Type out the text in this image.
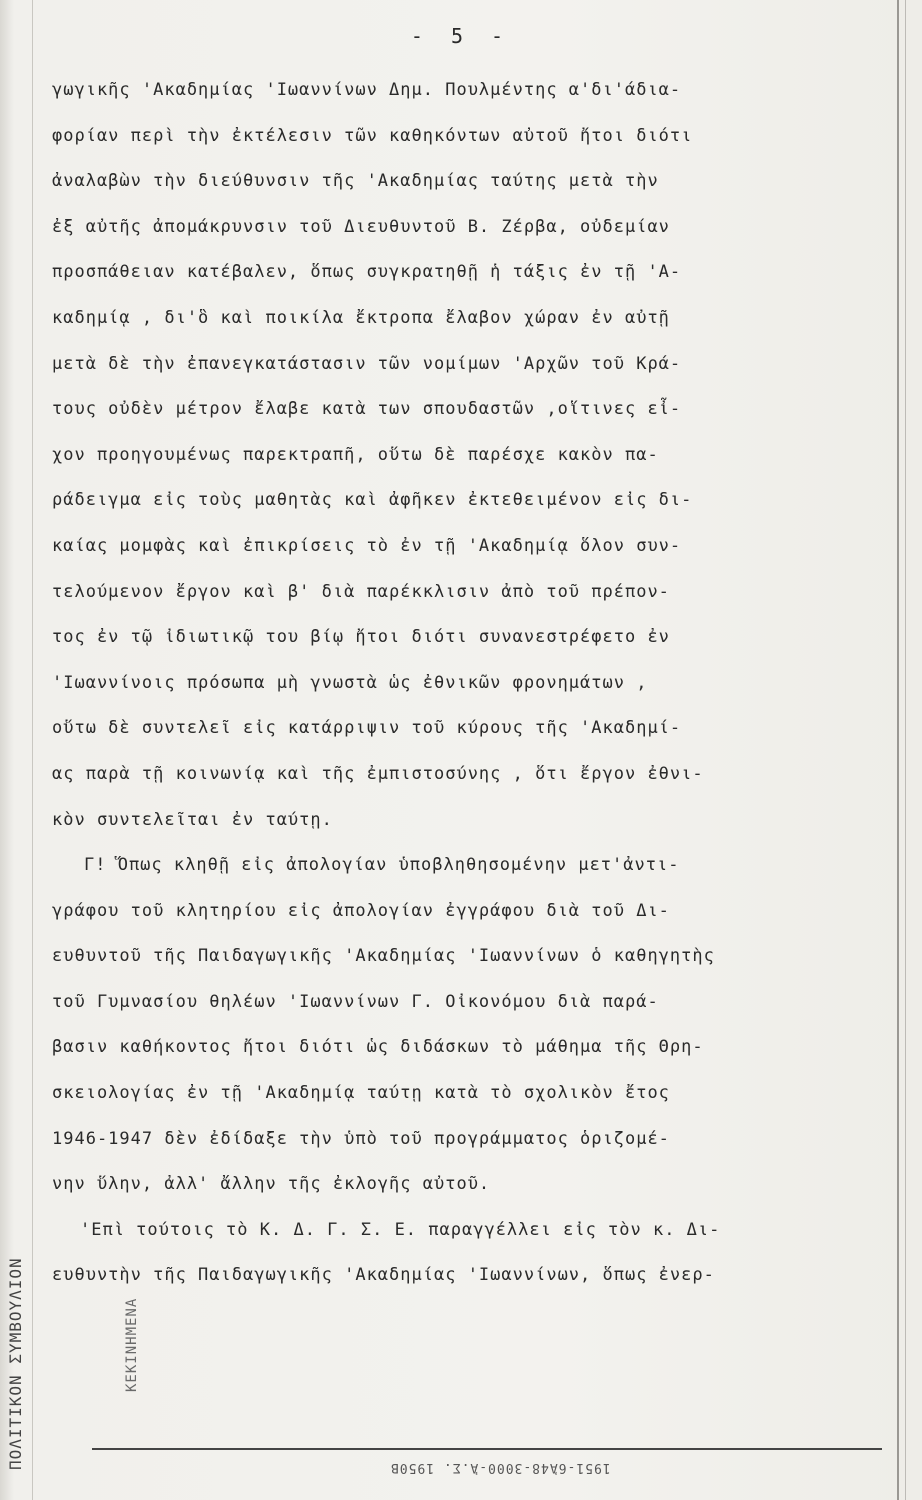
- 5 -
γωγικῆς 'Ακαδημίας 'Ιωαννίνων Δημ. Πουλμέντης α'δι'άδια-
φορίαν περὶ τὴν ἐκτέλεσιν τῶν καθηκόντων αὐτοῦ ἤτοι διότι
ἀναλαβὼν τὴν διεύθυνσιν τῆς 'Ακαδημίας ταύτης μετὰ τὴν
ἐξ αὐτῆς ἀπομάκρυνσιν τοῦ Διευθυντοῦ Β. Ζέρβα, οὐδεμίαν
προσπάθειαν κατέβαλεν, ὅπως συγκρατηθῇ ἡ τάξις ἐν τῇ 'Α-
καδημίᾳ , δι'ὃ καὶ ποικίλα ἔκτροπα ἔλαβον χώραν ἐν αὐτῇ
μετὰ δὲ τὴν ἐπανεγκατάστασιν τῶν νομίμων 'Αρχῶν τοῦ Κρά-
τους οὐδὲν μέτρον ἔλαβε κατὰ των σπουδαστῶν ,οἵτινες εἶ-
χον προηγουμένως παρεκτραπῆ, οὕτω δὲ παρέσχε κακὸν πα-
ράδειγμα εἰς τοὺς μαθητὰς καὶ ἀφῆκεν ἐκτεθειμένον εἰς δι-
καίας μομφὰς καὶ ἐπικρίσεις τὸ ἐν τῇ 'Ακαδημίᾳ ὅλον συν-
τελούμενον ἔργον καὶ β' διὰ παρέκκλισιν ἀπὸ τοῦ πρέπον-
τος ἐν τῷ ἰδιωτικῷ του βίῳ ἤτοι διότι συνανεστρέφετο ἐν
'Ιωαννίνοις πρόσωπα μὴ γνωστὰ ὡς ἐθνικῶν φρονημάτων ,
οὕτω δὲ συντελεῖ εἰς κατάρριψιν τοῦ κύρους τῆς 'Ακαδημί-
ας παρὰ τῇ κοινωνίᾳ καὶ τῆς ἐμπιστοσύνης , ὅτι ἔργον ἐθνι-
κὸν συντελεῖται ἐν ταύτῃ.
Γ! Ὅπως κληθῇ εἰς ἀπολογίαν ὑποβληθησομένην μετ'ἀντι-
γράφου τοῦ κλητηρίου εἰς ἀπολογίαν ἐγγράφου διὰ τοῦ Δι-
ευθυντοῦ τῆς Παιδαγωγικῆς 'Ακαδημίας 'Ιωαννίνων ὁ καθηγητὴς
τοῦ Γυμνασίου θηλέων 'Ιωαννίνων Γ. Οἰκονόμου διὰ παρά-
βασιν καθήκοντος ἤτοι διότι ὡς διδάσκων τὸ μάθημα τῆς Θρη-
σκειολογίας ἐν τῇ 'Ακαδημίᾳ ταύτῃ κατὰ τὸ σχολικὸν ἔτος
1946-1947 δὲν ἐδίδαξε τὴν ὑπὸ τοῦ προγράμματος ὁριζομέ-
νην ὕλην, ἀλλ' ἄλλην τῆς ἐκλογῆς αὐτοῦ.
'Επὶ τούτοις τὸ Κ. Δ. Γ. Σ. Ε. παραγγέλλει εἰς τὸν κ. Δι-
ευθυντὴν τῆς Παιδαγωγικῆς 'Ακαδημίας 'Ιωαννίνων, ὅπως ἐνερ-
1951-6Ἀ48-3000-Ἀ.Σ. 1950Β
ΠΟΛΙΤΙΚΟΝ ΣΥΜΒΟΥΛΙΟΝ	ΚΕΚΙΝΗΜΕΝΑ
